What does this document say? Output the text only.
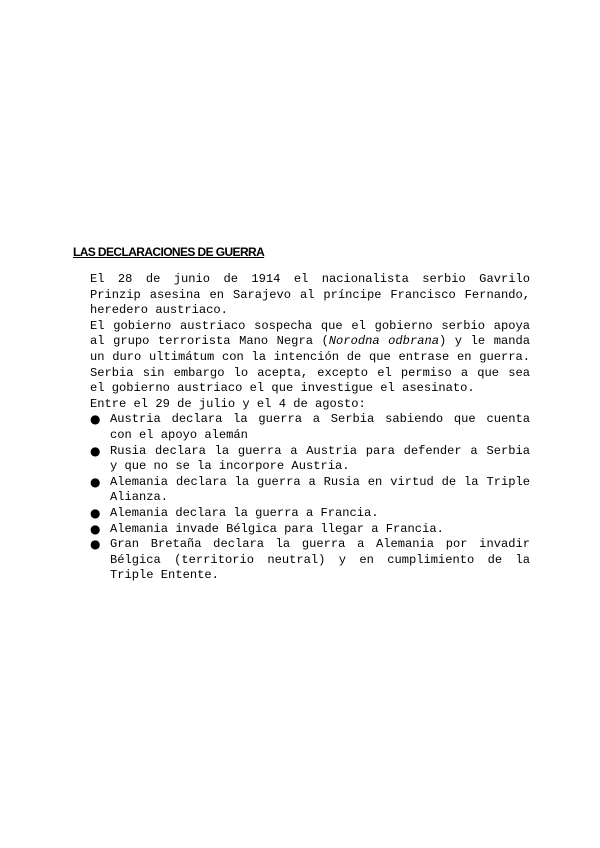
LAS DECLARACIONES DE GUERRA

El 28 de junio de 1914 el nacionalista serbio Gavrilo Prinzip asesina en Sarajevo al príncipe Francisco Fernando, heredero austriaco.

El gobierno austriaco sospecha que el gobierno serbio apoya al grupo terrorista Mano Negra (Norodna odbrana) y le manda un duro ultimátum con la intención de que entrase en guerra. Serbia sin embargo lo acepta, excepto el permiso a que sea el gobierno austriaco el que investigue el asesinato.

Entre el 29 de julio y el 4 de agosto:

● Austria declara la guerra a Serbia sabiendo que cuenta con el apoyo alemán
● Rusia declara la guerra a Austria para defender a Serbia y que no se la incorpore Austria.
● Alemania declara la guerra a Rusia en virtud de la Triple Alianza.
● Alemania declara la guerra a Francia.
● Alemania invade Bélgica para llegar a Francia.
● Gran Bretaña declara la guerra a Alemania por invadir Bélgica (territorio neutral) y en cumplimiento de la Triple Entente.
